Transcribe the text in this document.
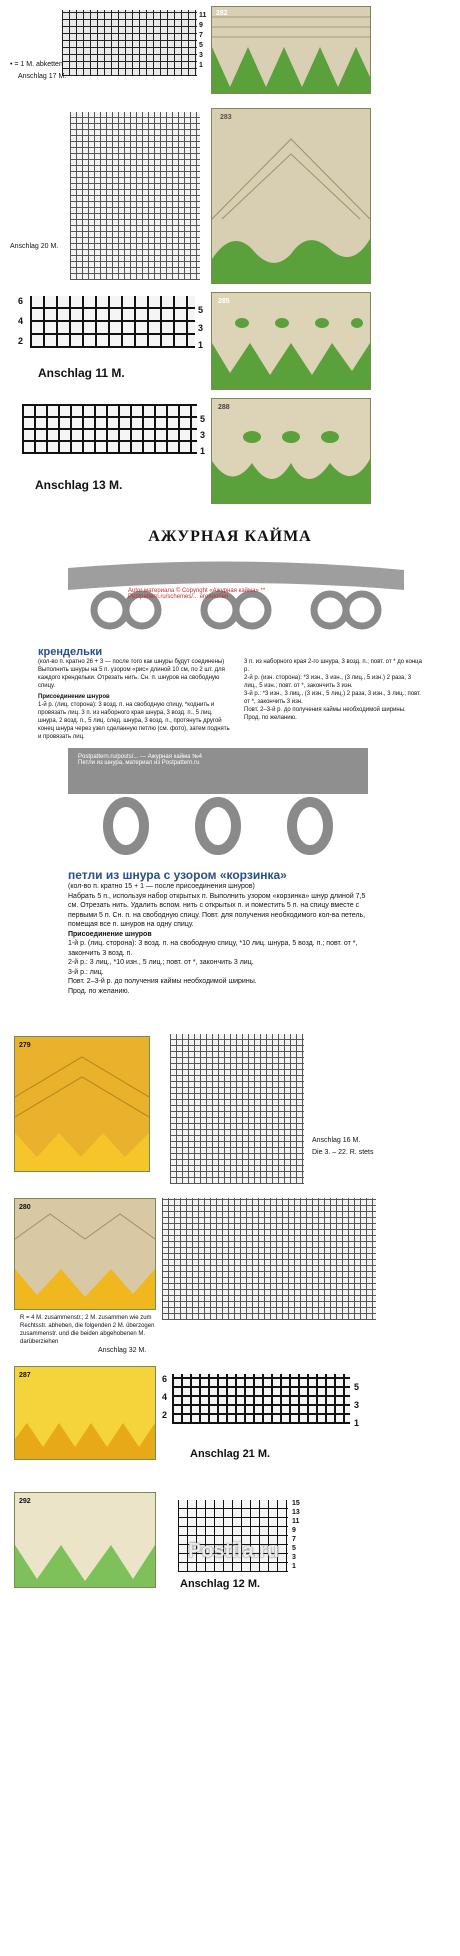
• = 1 M. abketten
Anschlag 17 M.
282
Anschlag 20 M.
283
6
4
2
5
3
1
Anschlag 11 M.
285
5
3
1
Anschlag 13 M.
288
АЖУРНАЯ КАЙМА
Autor материала © Copyright «Ажурная кайма» **
Postpattern.ru/schemes/... eronnonen
крендельки
(кол-во п. кратно 26 + 3 — после того как шнуры будут соединены) Выполнить шнуры на 5 п. узором «рис» длиной 10 см, по 2 шт. для каждого крендельки. Отрезать нить. Сн. п. шнуров на свободную спицу.
Присоединение шнуров
1-й р. (лиц. сторона): 3 возд. п. на свободную спицу, *коднить и провязать лиц. 3 п. из наборного края шнура, 3 возд. п., 5 лиц. шнура, 2 возд. п., 5 лиц. след. шнура, 3 возд. п., протянуть другой конец шнура через узел сделанную петлю (см. фото), затем поднять и провязать лиц.
3 п. из наборного края 2-го шнура, 3 возд. п.; повт. от * до конца р.
2-й р. (изн. сторона): *3 изн., 3 изн., (3 лиц., 5 изн.) 2 раза, 3 лиц., 5 изн.; повт. от *, закончить 3 изн.
3-й р.: *3 изн., 3 лиц., (3 изн., 5 лиц.) 2 раза, 3 изн., 3 лиц.; повт. от *, закончить 3 изн.
Повт. 2–3-й р. до получения каймы необходимой ширины.
Прод. по желанию.
Postpattern.ru/posts/... — Ажурная кайма №4
Петли из шнура, материал из Postpattern.ru
петли из шнура с узором «корзинка»
(кол-во п. кратно 15 + 1 — после присоединения шнуров)
Набрать 5 п., используя набор открытых п. Выполнить узором «корзинка» шнур длиной 7,5 см. Отрезать нить. Удалить вспом. нить с открытых п. и поместить 5 п. на спицу вместе с первыми 5 п. Сн. п. на свободную спицу. Повт. для получения необходимого кол-ва петель, помещая все п. шнуров на одну спицу.
Присоединение шнуров
1-й р. (лиц. сторона): 3 возд. п. на свободную спицу, *10 лиц. шнура, 5 возд. п.; повт. от *, закончить 3 возд. п.
2-й р.: 3 лиц., *10 изн., 5 лиц.; повт. от *, закончить 3 лиц.
3-й р.: лиц.
Повт. 2–3-й р. до получения каймы необходимой ширины.
Прод. по желанию.
279
Anschlag 16 M.
Die 3. – 22. R. stets
280
R = 4 M. zusammenstr.; 2 M. zusammen wie zum Rechtsstr. abheben, die folgenden 2 M. überzogen zusammenstr. und die beiden abgehobenen M. darüberziehen
Anschlag 32 M.
287	6
4
2
5
3
1
Anschlag 21 M.
292
Anschlag 12 M.
Postila.ru
11
9
7
5
3
1
15
13
11
9
7
5
3
1
